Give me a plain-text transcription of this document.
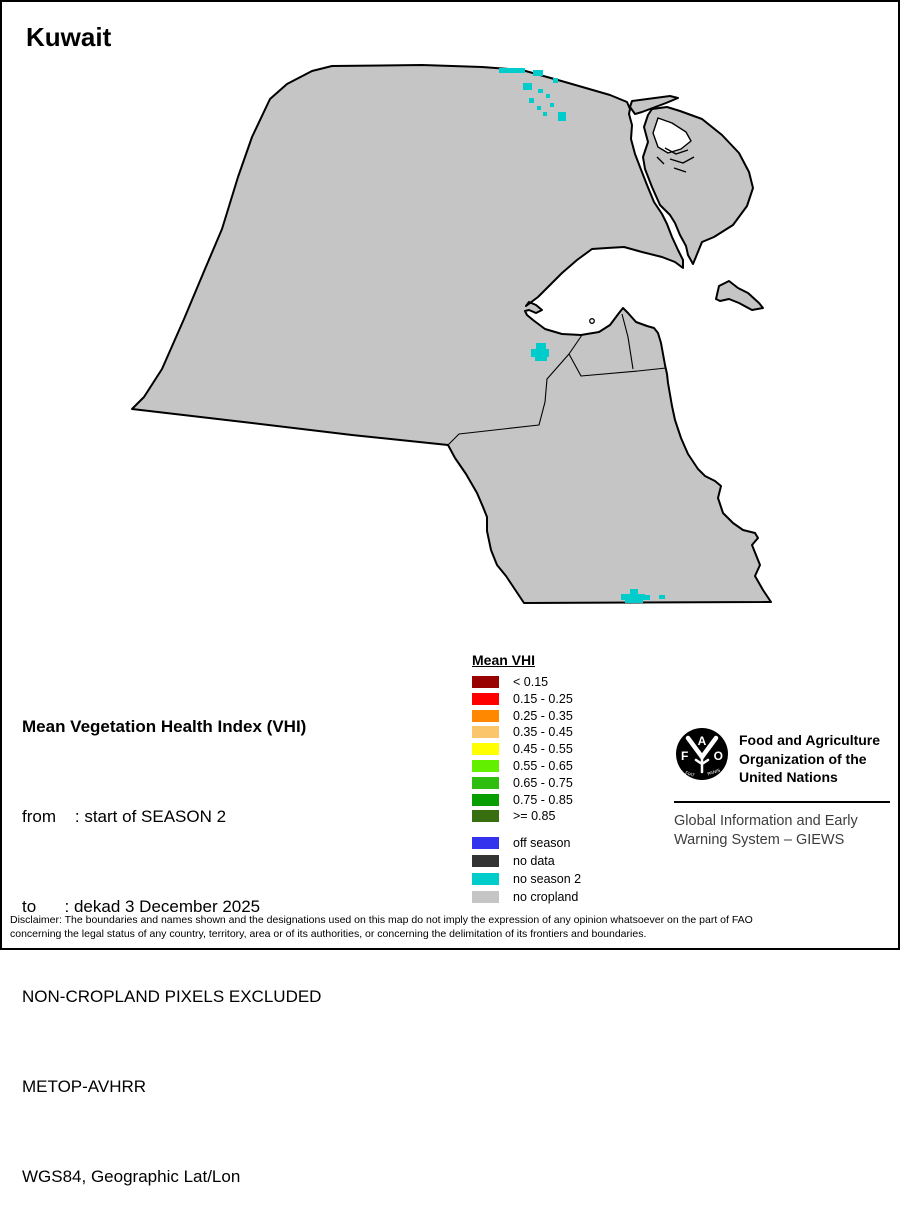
Kuwait

Mean Vegetation Health Index (VHI)

from    : start of SEASON 2

to      : dekad 3 December 2025

NON-CROPLAND PIXELS EXCLUDED

METOP-AVHRR

WGS84, Geographic Lat/Lon

Mean VHI
< 0.15
0.15 - 0.25
0.25 - 0.35
0.35 - 0.45
0.45 - 0.55
0.55 - 0.65
0.65 - 0.75
0.75 - 0.85
>= 0.85
off season
no data
no season 2
no cropland
F
A
O
FIAT	PANIS
Food and Agriculture
Organization of the
United Nations
Global Information and Early
Warning System – GIEWS
Disclaimer: The boundaries and names shown and the designations used on this map do not imply the expression of any opinion whatsoever on the part of FAO
concerning the legal status of any country, territory, area or of its authorities, or concerning the delimitation of its frontiers and boundaries.
